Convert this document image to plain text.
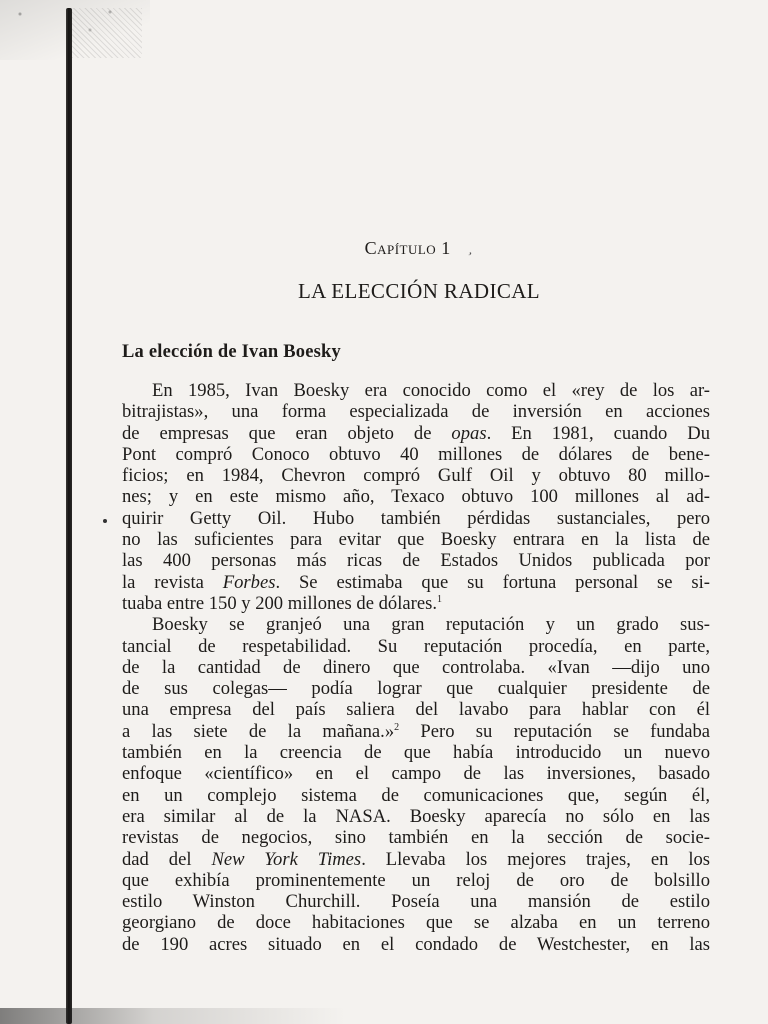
Capítulo 1 ,
LA ELECCIÓN RADICAL
La elección de Ivan Boesky
En 1985, Ivan Boesky era conocido como el «rey de los ar-
bitrajistas», una forma especializada de inversión en acciones
de empresas que eran objeto de opas. En 1981, cuando Du
Pont compró Conoco obtuvo 40 millones de dólares de bene-
ficios; en 1984, Chevron compró Gulf Oil y obtuvo 80 millo-
nes; y en este mismo año, Texaco obtuvo 100 millones al ad-
quirir Getty Oil. Hubo también pérdidas sustanciales, pero
no las suficientes para evitar que Boesky entrara en la lista de
las 400 personas más ricas de Estados Unidos publicada por
la revista Forbes. Se estimaba que su fortuna personal se si-
tuaba entre 150 y 200 millones de dólares.$^1$
Boesky se granjeó una gran reputación y un grado sus-
tancial de respetabilidad. Su reputación procedía, en parte,
de la cantidad de dinero que controlaba. «Ivan —dijo uno
de sus colegas— podía lograr que cualquier presidente de
una empresa del país saliera del lavabo para hablar con él
a las siete de la mañana.»$^2$ Pero su reputación se fundaba
también en la creencia de que había introducido un nuevo
enfoque «científico» en el campo de las inversiones, basado
en un complejo sistema de comunicaciones que, según él,
era similar al de la NASA. Boesky aparecía no sólo en las
revistas de negocios, sino también en la sección de socie-
dad del New York Times. Llevaba los mejores trajes, en los
que exhibía prominentemente un reloj de oro de bolsillo
estilo Winston Churchill. Poseía una mansión de estilo
georgiano de doce habitaciones que se alzaba en un terreno
de 190 acres situado en el condado de Westchester, en las
